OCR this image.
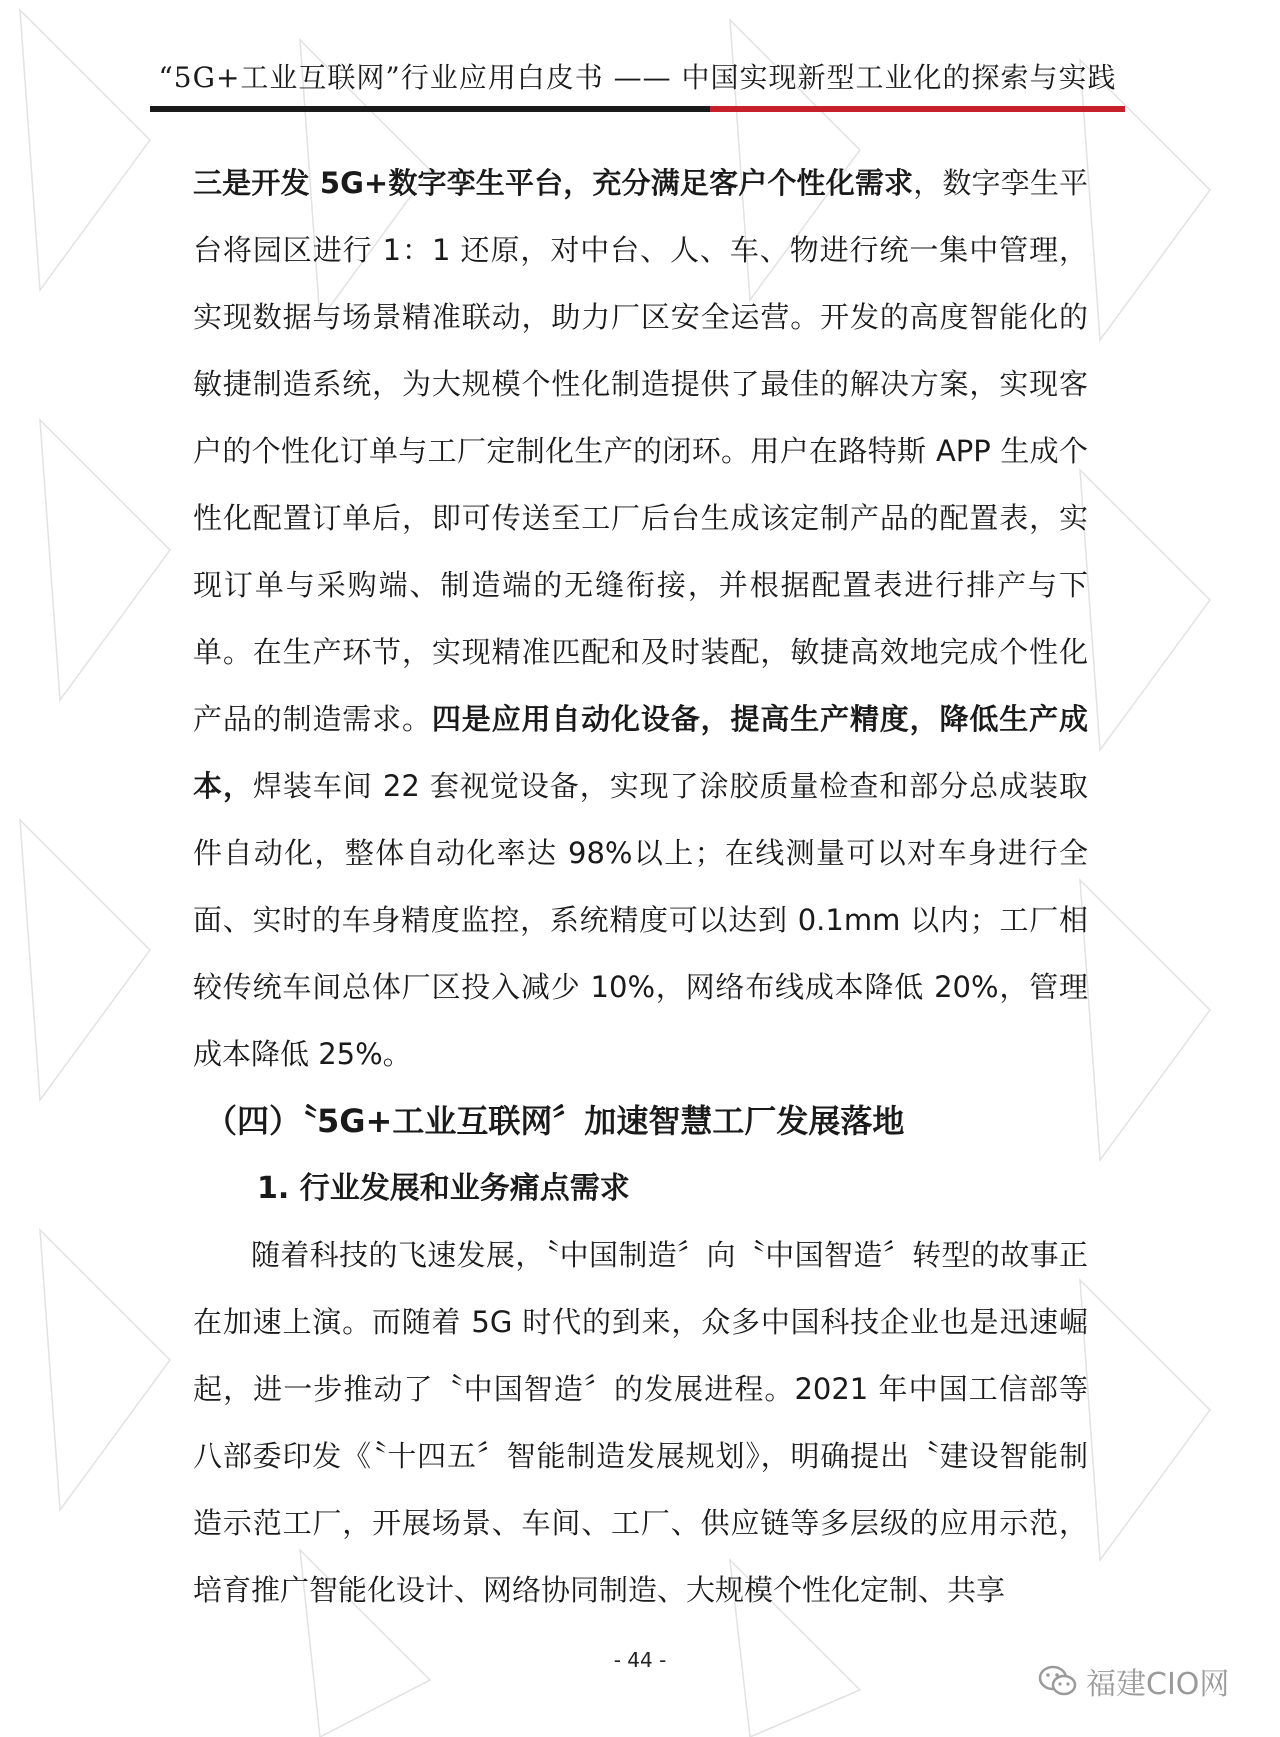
“5G+工业互联网”行业应用白皮书 —— 中国实现新型工业化的探索与实践

三是开发 5G+数字孪生平台，充分满足客户个性化需求，数字孪生平台将园区进行 1：1 还原，对中台、人、车、物进行统一集中管理，实现数据与场景精准联动，助力厂区安全运营。开发的高度智能化的敏捷制造系统，为大规模个性化制造提供了最佳的解决方案，实现客户的个性化订单与工厂定制化生产的闭环。用户在路特斯 APP 生成个性化配置订单后，即可传送至工厂后台生成该定制产品的配置表，实现订单与采购端、制造端的无缝衔接，并根据配置表进行排产与下单。在生产环节，实现精准匹配和及时装配，敏捷高效地完成个性化产品的制造需求。四是应用自动化设备，提高生产精度，降低生产成本，焊装车间 22 套视觉设备，实现了涂胶质量检查和部分总成装取件自动化，整体自动化率达 98%以上；在线测量可以对车身进行全面、实时的车身精度监控，系统精度可以达到 0.1mm 以内；工厂相较传统车间总体厂区投入减少 10%，网络布线成本降低 20%，管理成本降低 25%。

（四）〝5G+工业互联网〞加速智慧工厂发展落地

1. 行业发展和业务痛点需求

随着科技的飞速发展，〝中国制造〞向〝中国智造〞转型的故事正在加速上演。而随着 5G 时代的到来，众多中国科技企业也是迅速崛起，进一步推动了〝中国智造〞的发展进程。2021 年中国工信部等八部委印发《〝十四五〞智能制造发展规划》，明确提出〝建设智能制造示范工厂，开展场景、车间、工厂、供应链等多层级的应用示范，培育推广智能化设计、网络协同制造、大规模个性化定制、共享

- 44 -
福建CIO网
